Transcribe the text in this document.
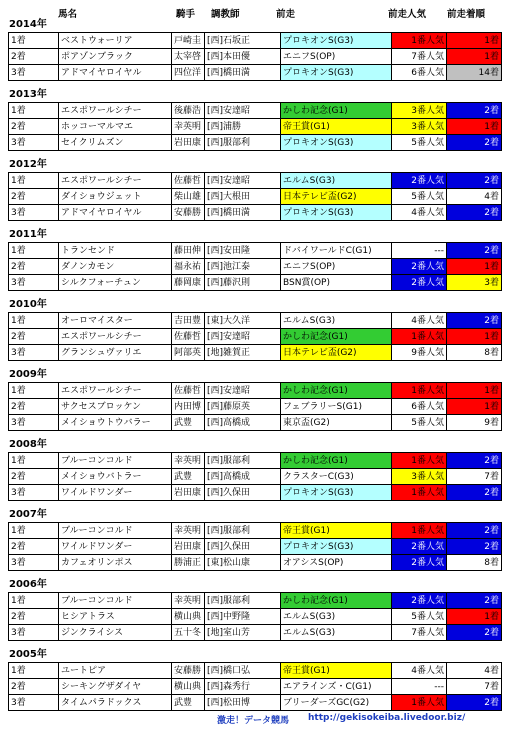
馬名	騎手 調教師	前走	前走人気 前走着順
2014年
1着	ベストウォーリア	戸崎圭	[西]石坂正	プロキオンS(G3)	1番人気	1着
2着	ポアゾンブラック	太宰啓	[西]本田優	エニフS(OP)	7番人気	1着
3着	アドマイヤロイヤル	四位洋	[西]橋田満	プロキオンS(G3)	6番人気	14着
2013年
1着	エスポワールシチー	後藤浩	[西]安達昭	かしわ記念(G1)	3番人気	2着
2着	ホッコーマルマエ	幸英明	[西]浦勝	帝王賞(G1)	3番人気	1着
3着	セイクリムズン	岩田康	[西]服部利	プロキオンS(G3)	5番人気	2着
2012年
1着	エスポワールシチー	佐藤哲	[西]安達昭	エルムS(G3)	2番人気	2着
2着	ダイショウジェット	柴山雄	[西]大根田	日本テレビ盃(G2)	5番人気	4着
3着	アドマイヤロイヤル	安藤勝	[西]橋田満	プロキオンS(G3)	4番人気	2着
2011年
1着	トランセンド	藤田伸	[西]安田隆	ドバイワールドC(G1)	---	2着
2着	ダノンカモン	福永祐	[西]池江泰	エニフS(OP)	2番人気	1着
3着	シルクフォーチュン	藤岡康	[西]藤沢則	BSN賞(OP)	2番人気	3着
2010年
1着	オーロマイスター	吉田豊	[東]大久洋	エルムS(G3)	4番人気	2着
2着	エスポワールシチー	佐藤哲	[西]安達昭	かしわ記念(G1)	1番人気	1着
3着	グランシュヴァリエ	阿部英	[地]雑賀正	日本テレビ盃(G2)	9番人気	8着
2009年
1着	エスポワールシチー	佐藤哲	[西]安達昭	かしわ記念(G1)	1番人気	1着
2着	サクセスブロッケン	内田博	[西]藤原英	フェブラリーS(G1)	6番人気	1着
3着	メイショウトウバラー	武豊	[西]高橋成	東京盃(G2)	5番人気	9着
2008年
1着	ブルーコンコルド	幸英明	[西]服部利	かしわ記念(G1)	1番人気	2着
2着	メイショウバトラー	武豊	[西]高橋成	クラスターC(G3)	3番人気	7着
3着	ワイルドワンダー	岩田康	[西]久保田	プロキオンS(G3)	1番人気	2着
2007年
1着	ブルーコンコルド	幸英明	[西]服部利	帝王賞(G1)	1番人気	2着
2着	ワイルドワンダー	岩田康	[西]久保田	プロキオンS(G3)	2番人気	2着
3着	カフェオリンポス	勝浦正	[東]松山康	オアシスS(OP)	2番人気	8着
2006年
1着	ブルーコンコルド	幸英明	[西]服部利	かしわ記念(G1)	2番人気	2着
2着	ヒシアトラス	横山典	[西]中野隆	エルムS(G3)	5番人気	1着
3着	ジンクライシス	五十冬	[地]室山芳	エルムS(G3)	7番人気	2着
2005年
1着	ユートピア	安藤勝	[西]橋口弘	帝王賞(G1)	4番人気	4着
2着	シーキングザダイヤ	横山典	[西]森秀行	エアラインズ・C(G1)	---	7着
3着	タイムパラドックス	武豊	[西]松田博	ブリーダーズGC(G2)	1番人気	2着
激走！データ競馬 http://gekisokeiba.livedoor.biz/
